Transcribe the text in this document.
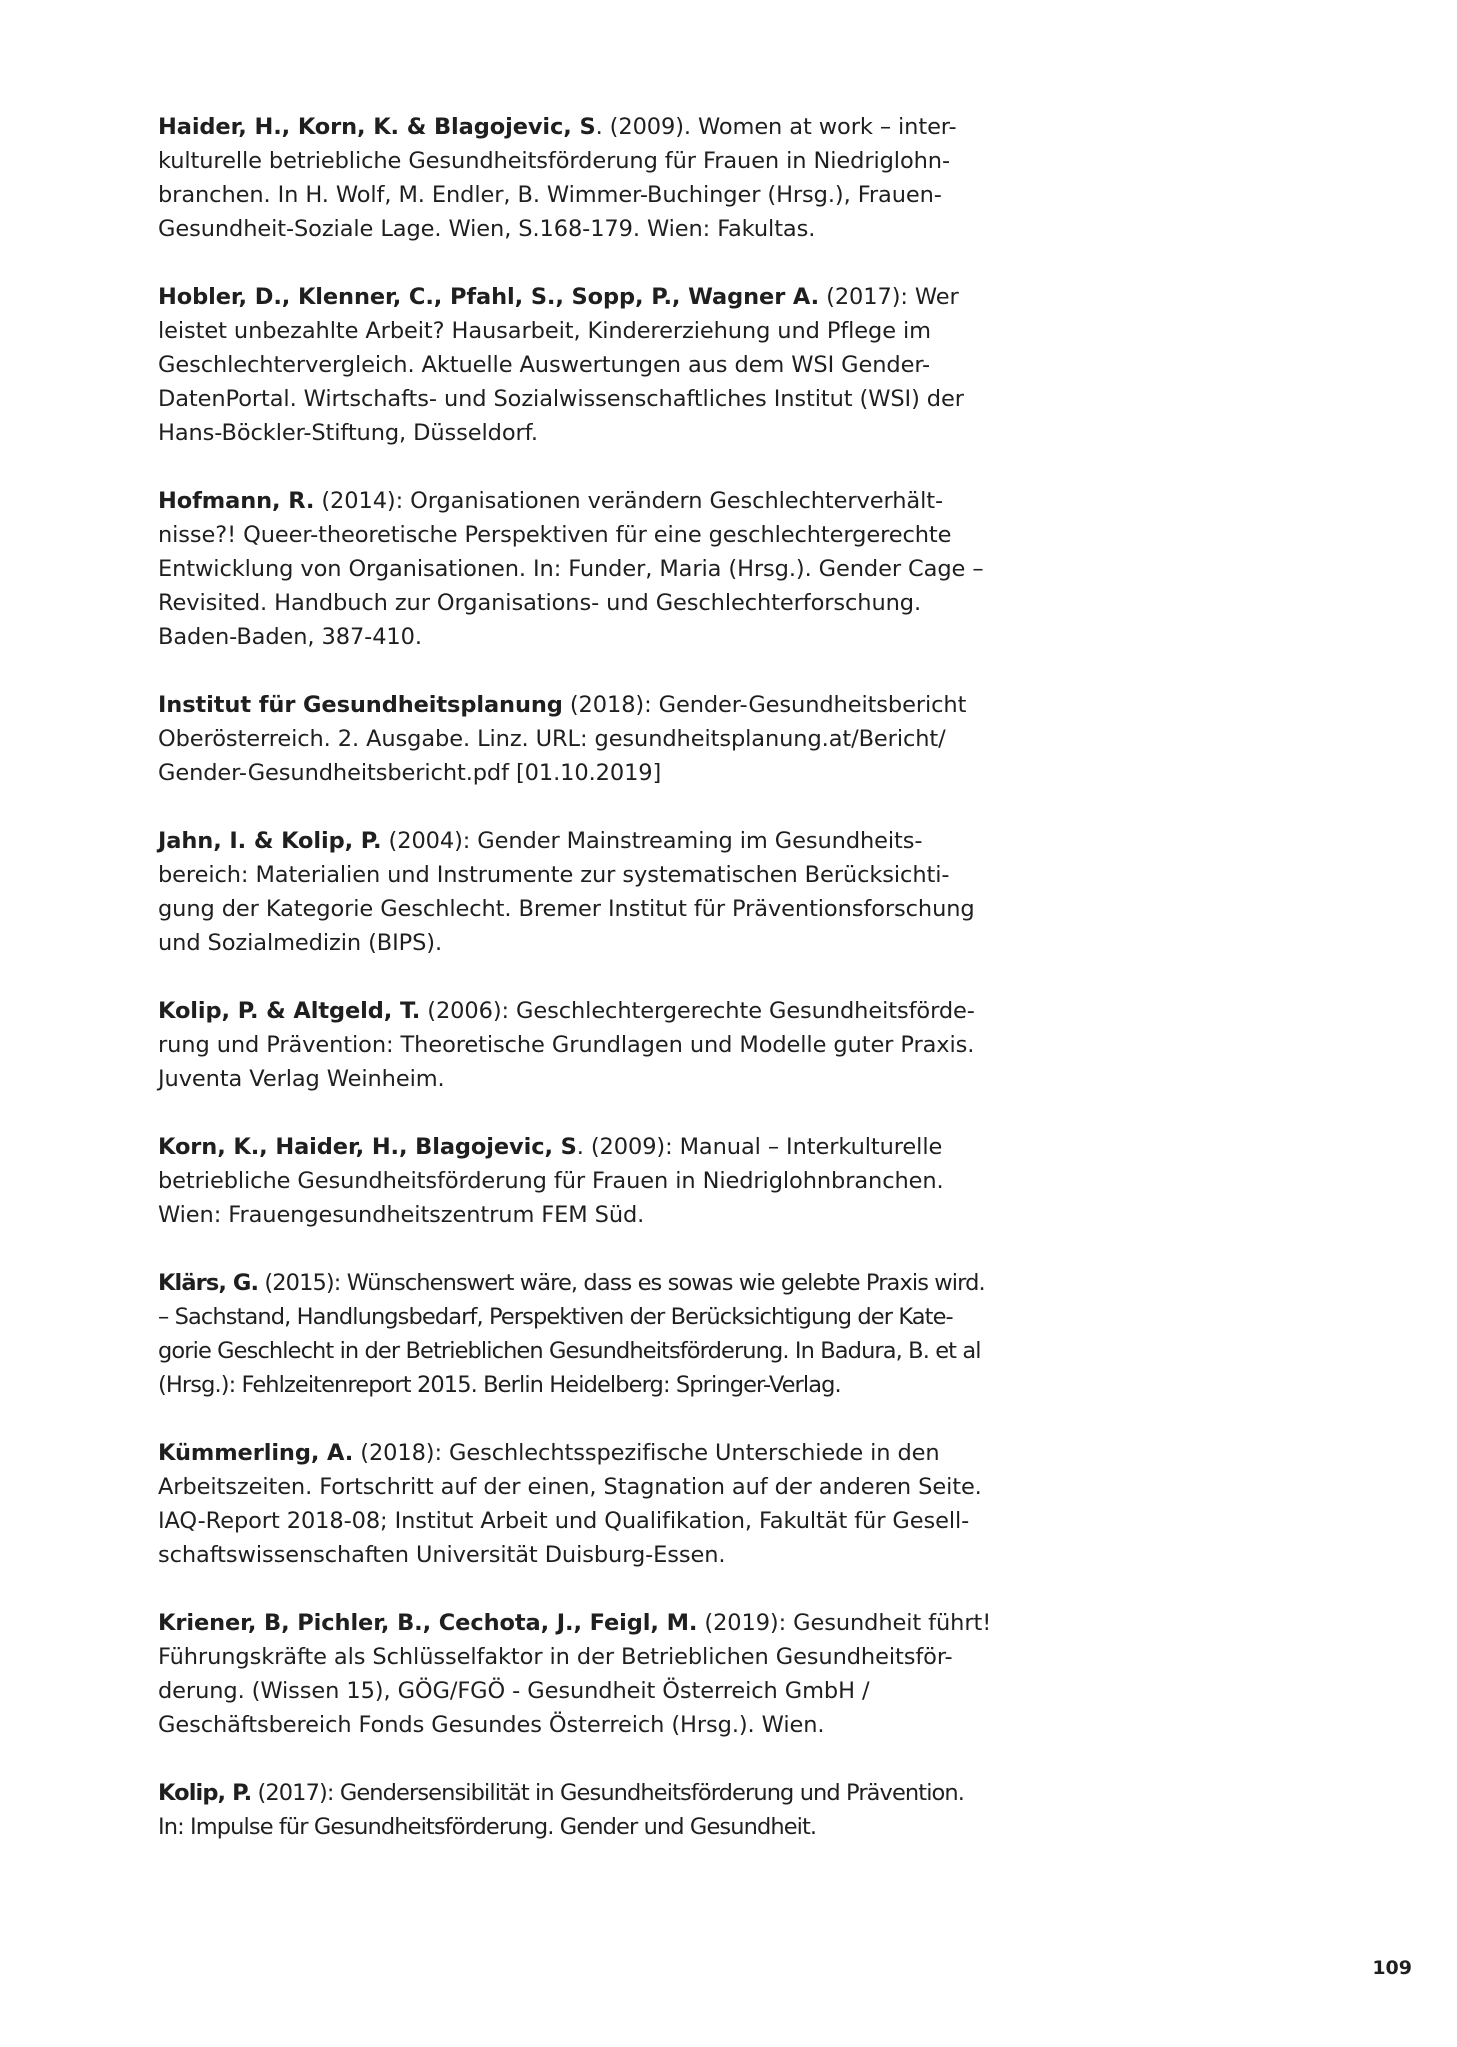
Haider, H., Korn, K. & Blagojevic, S. (2009). Women at work – inter-kulturelle betriebliche Gesundheitsförderung für Frauen in Niedriglohn-branchen. In H. Wolf, M. Endler, B. Wimmer-Buchinger (Hrsg.), Frauen-Gesundheit-Soziale Lage. Wien, S.168-179. Wien: Fakultas.

Hobler, D., Klenner, C., Pfahl, S., Sopp, P., Wagner A. (2017): Wer leistet unbezahlte Arbeit? Hausarbeit, Kindererziehung und Pflege im Geschlechtervergleich. Aktuelle Auswertungen aus dem WSI Gender-DatenPortal. Wirtschafts- und Sozialwissenschaftliches Institut (WSI) der Hans-Böckler-Stiftung, Düsseldorf.

Hofmann, R. (2014): Organisationen verändern Geschlechterverhält-nisse?! Queer-theoretische Perspektiven für eine geschlechtergerechte Entwicklung von Organisationen. In: Funder, Maria (Hrsg.). Gender Cage – Revisited. Handbuch zur Organisations- und Geschlechterforschung. Baden-Baden, 387-410.

Institut für Gesundheitsplanung (2018): Gender-Gesundheitsbericht Oberösterreich. 2. Ausgabe. Linz. URL: gesundheitsplanung.at/Bericht/ Gender-Gesundheitsbericht.pdf [01.10.2019]

Jahn, I. & Kolip, P. (2004): Gender Mainstreaming im Gesundheits-bereich: Materialien und Instrumente zur systematischen Berücksichti-gung der Kategorie Geschlecht. Bremer Institut für Präventionsforschung und Sozialmedizin (BIPS).

Kolip, P. & Altgeld, T. (2006): Geschlechtergerechte Gesundheitsförde-rung und Prävention: Theoretische Grundlagen und Modelle guter Praxis. Juventa Verlag Weinheim.

Korn, K., Haider, H., Blagojevic, S. (2009): Manual – Interkulturelle betriebliche Gesundheitsförderung für Frauen in Niedriglohnbranchen. Wien: Frauengesundheitszentrum FEM Süd.

Klärs, G. (2015): Wünschenswert wäre, dass es sowas wie gelebte Praxis wird. – Sachstand, Handlungsbedarf, Perspektiven der Berücksichtigung der Kate-gorie Geschlecht in der Betrieblichen Gesundheitsförderung. In Badura, B. et al (Hrsg.): Fehlzeitenreport 2015. Berlin Heidelberg: Springer-Verlag.

Kümmerling, A. (2018): Geschlechtsspezifische Unterschiede in den Arbeitszeiten. Fortschritt auf der einen, Stagnation auf der anderen Seite. IAQ-Report 2018-08; Institut Arbeit und Qualifikation, Fakultät für Gesell-schaftswissenschaften Universität Duisburg-Essen.

Kriener, B, Pichler, B., Cechota, J., Feigl, M. (2019): Gesundheit führt! Führungskräfte als Schlüsselfaktor in der Betrieblichen Gesundheitsför-derung. (Wissen 15), GÖG/FGÖ - Gesundheit Österreich GmbH / Geschäftsbereich Fonds Gesundes Österreich (Hrsg.). Wien.

Kolip, P. (2017): Gendersensibilität in Gesundheitsförderung und Prävention. In: Impulse für Gesundheitsförderung. Gender und Gesundheit.

109
